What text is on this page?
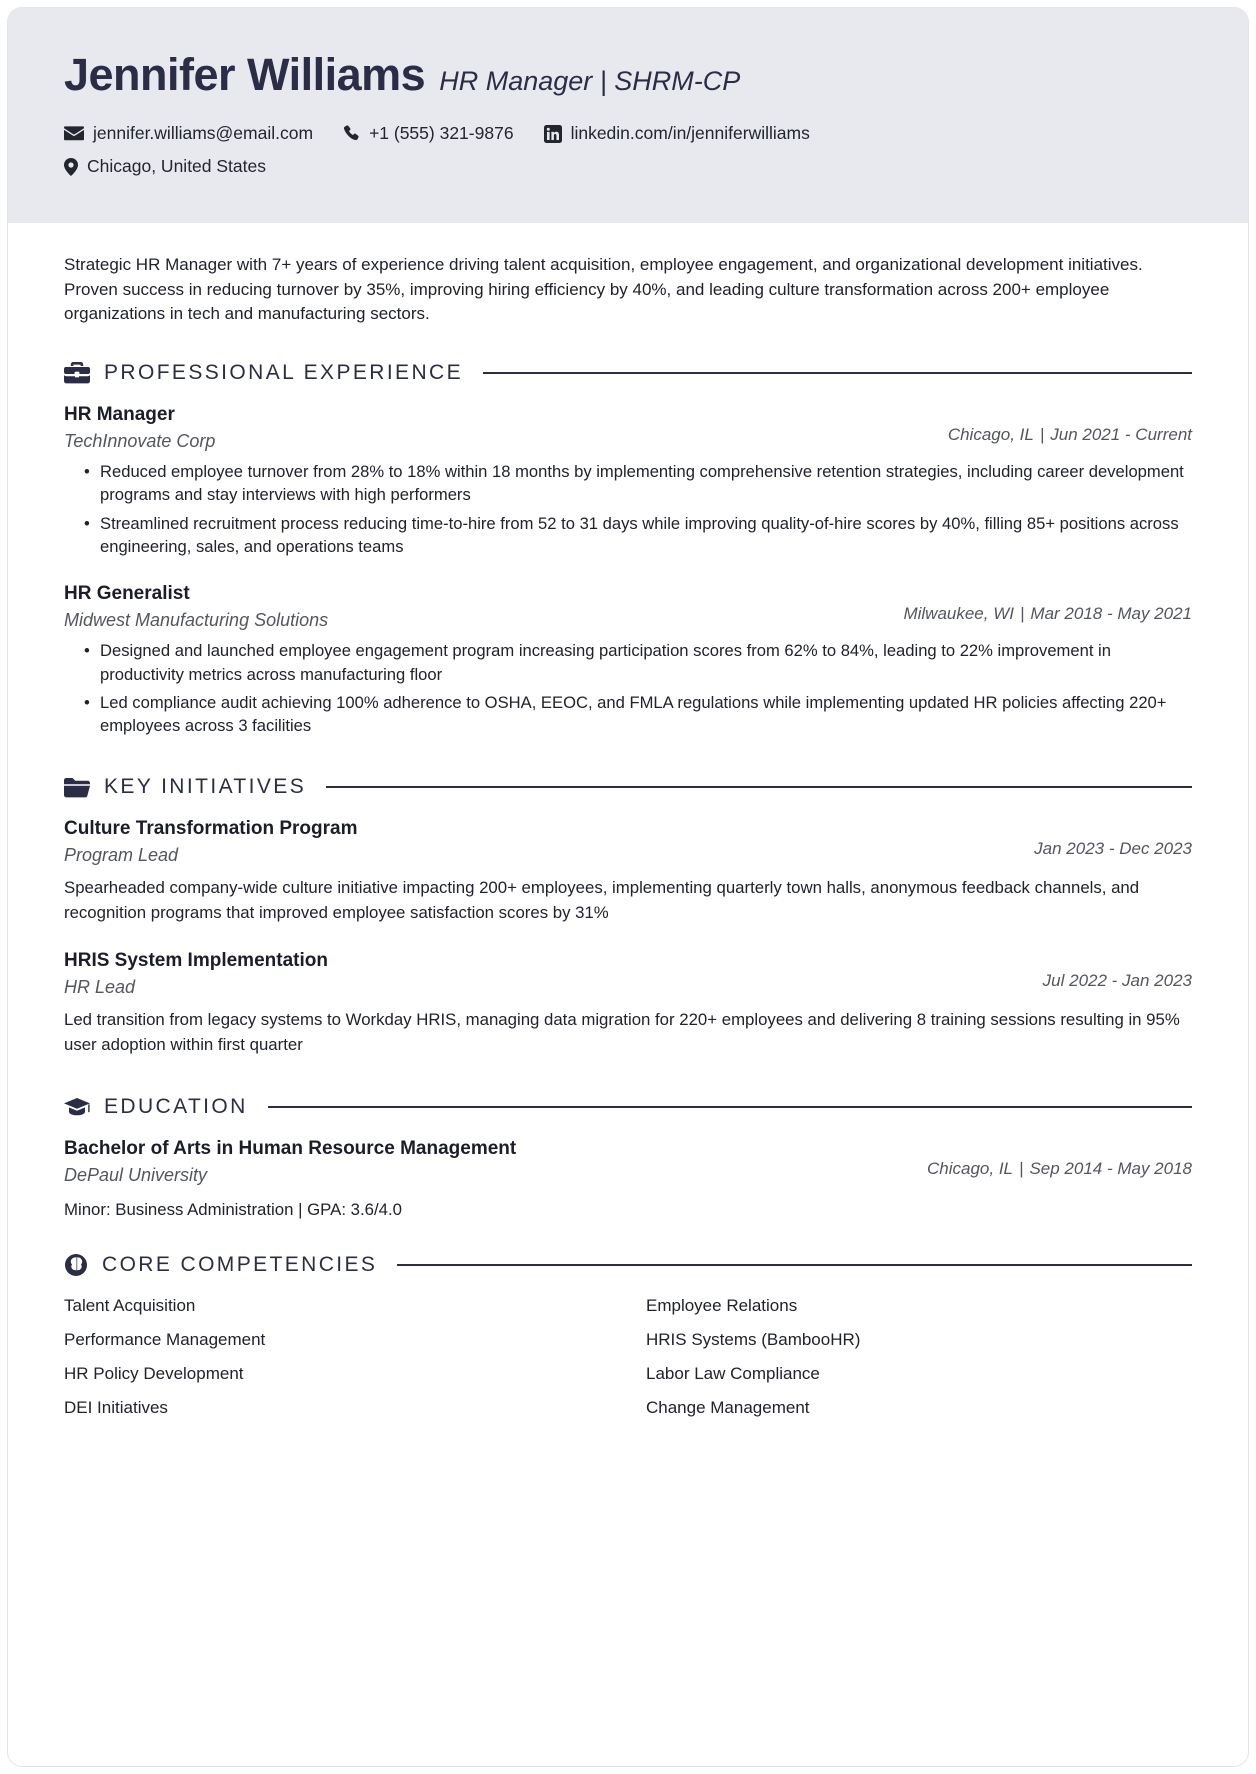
Jennifer Williams HR Manager | SHRM-CP
jennifer.williams@email.com	+1 (555) 321-9876	linkedin.com/in/jenniferwilliams
Chicago, United States
Strategic HR Manager with 7+ years of experience driving talent acquisition, employee engagement, and organizational development initiatives. Proven success in reducing turnover by 35%, improving hiring efficiency by 40%, and leading culture transformation across 200+ employee organizations in tech and manufacturing sectors.
PROFESSIONAL EXPERIENCE
HR Manager
TechInnovate Corp	Chicago, IL | Jun 2021 - Current
• Reduced employee turnover from 28% to 18% within 18 months by implementing comprehensive retention strategies, including career development programs and stay interviews with high performers
• Streamlined recruitment process reducing time-to-hire from 52 to 31 days while improving quality-of-hire scores by 40%, filling 85+ positions across engineering, sales, and operations teams
HR Generalist
Midwest Manufacturing Solutions	Milwaukee, WI | Mar 2018 - May 2021
• Designed and launched employee engagement program increasing participation scores from 62% to 84%, leading to 22% improvement in productivity metrics across manufacturing floor
• Led compliance audit achieving 100% adherence to OSHA, EEOC, and FMLA regulations while implementing updated HR policies affecting 220+ employees across 3 facilities
KEY INITIATIVES
Culture Transformation Program
Program Lead	Jan 2023 - Dec 2023
Spearheaded company-wide culture initiative impacting 200+ employees, implementing quarterly town halls, anonymous feedback channels, and recognition programs that improved employee satisfaction scores by 31%
HRIS System Implementation
HR Lead	Jul 2022 - Jan 2023
Led transition from legacy systems to Workday HRIS, managing data migration for 220+ employees and delivering 8 training sessions resulting in 95% user adoption within first quarter
EDUCATION
Bachelor of Arts in Human Resource Management
DePaul University	Chicago, IL | Sep 2014 - May 2018
Minor: Business Administration | GPA: 3.6/4.0
CORE COMPETENCIES
Talent Acquisition	Employee Relations
Performance Management	HRIS Systems (BambooHR)
HR Policy Development	Labor Law Compliance
DEI Initiatives	Change Management
